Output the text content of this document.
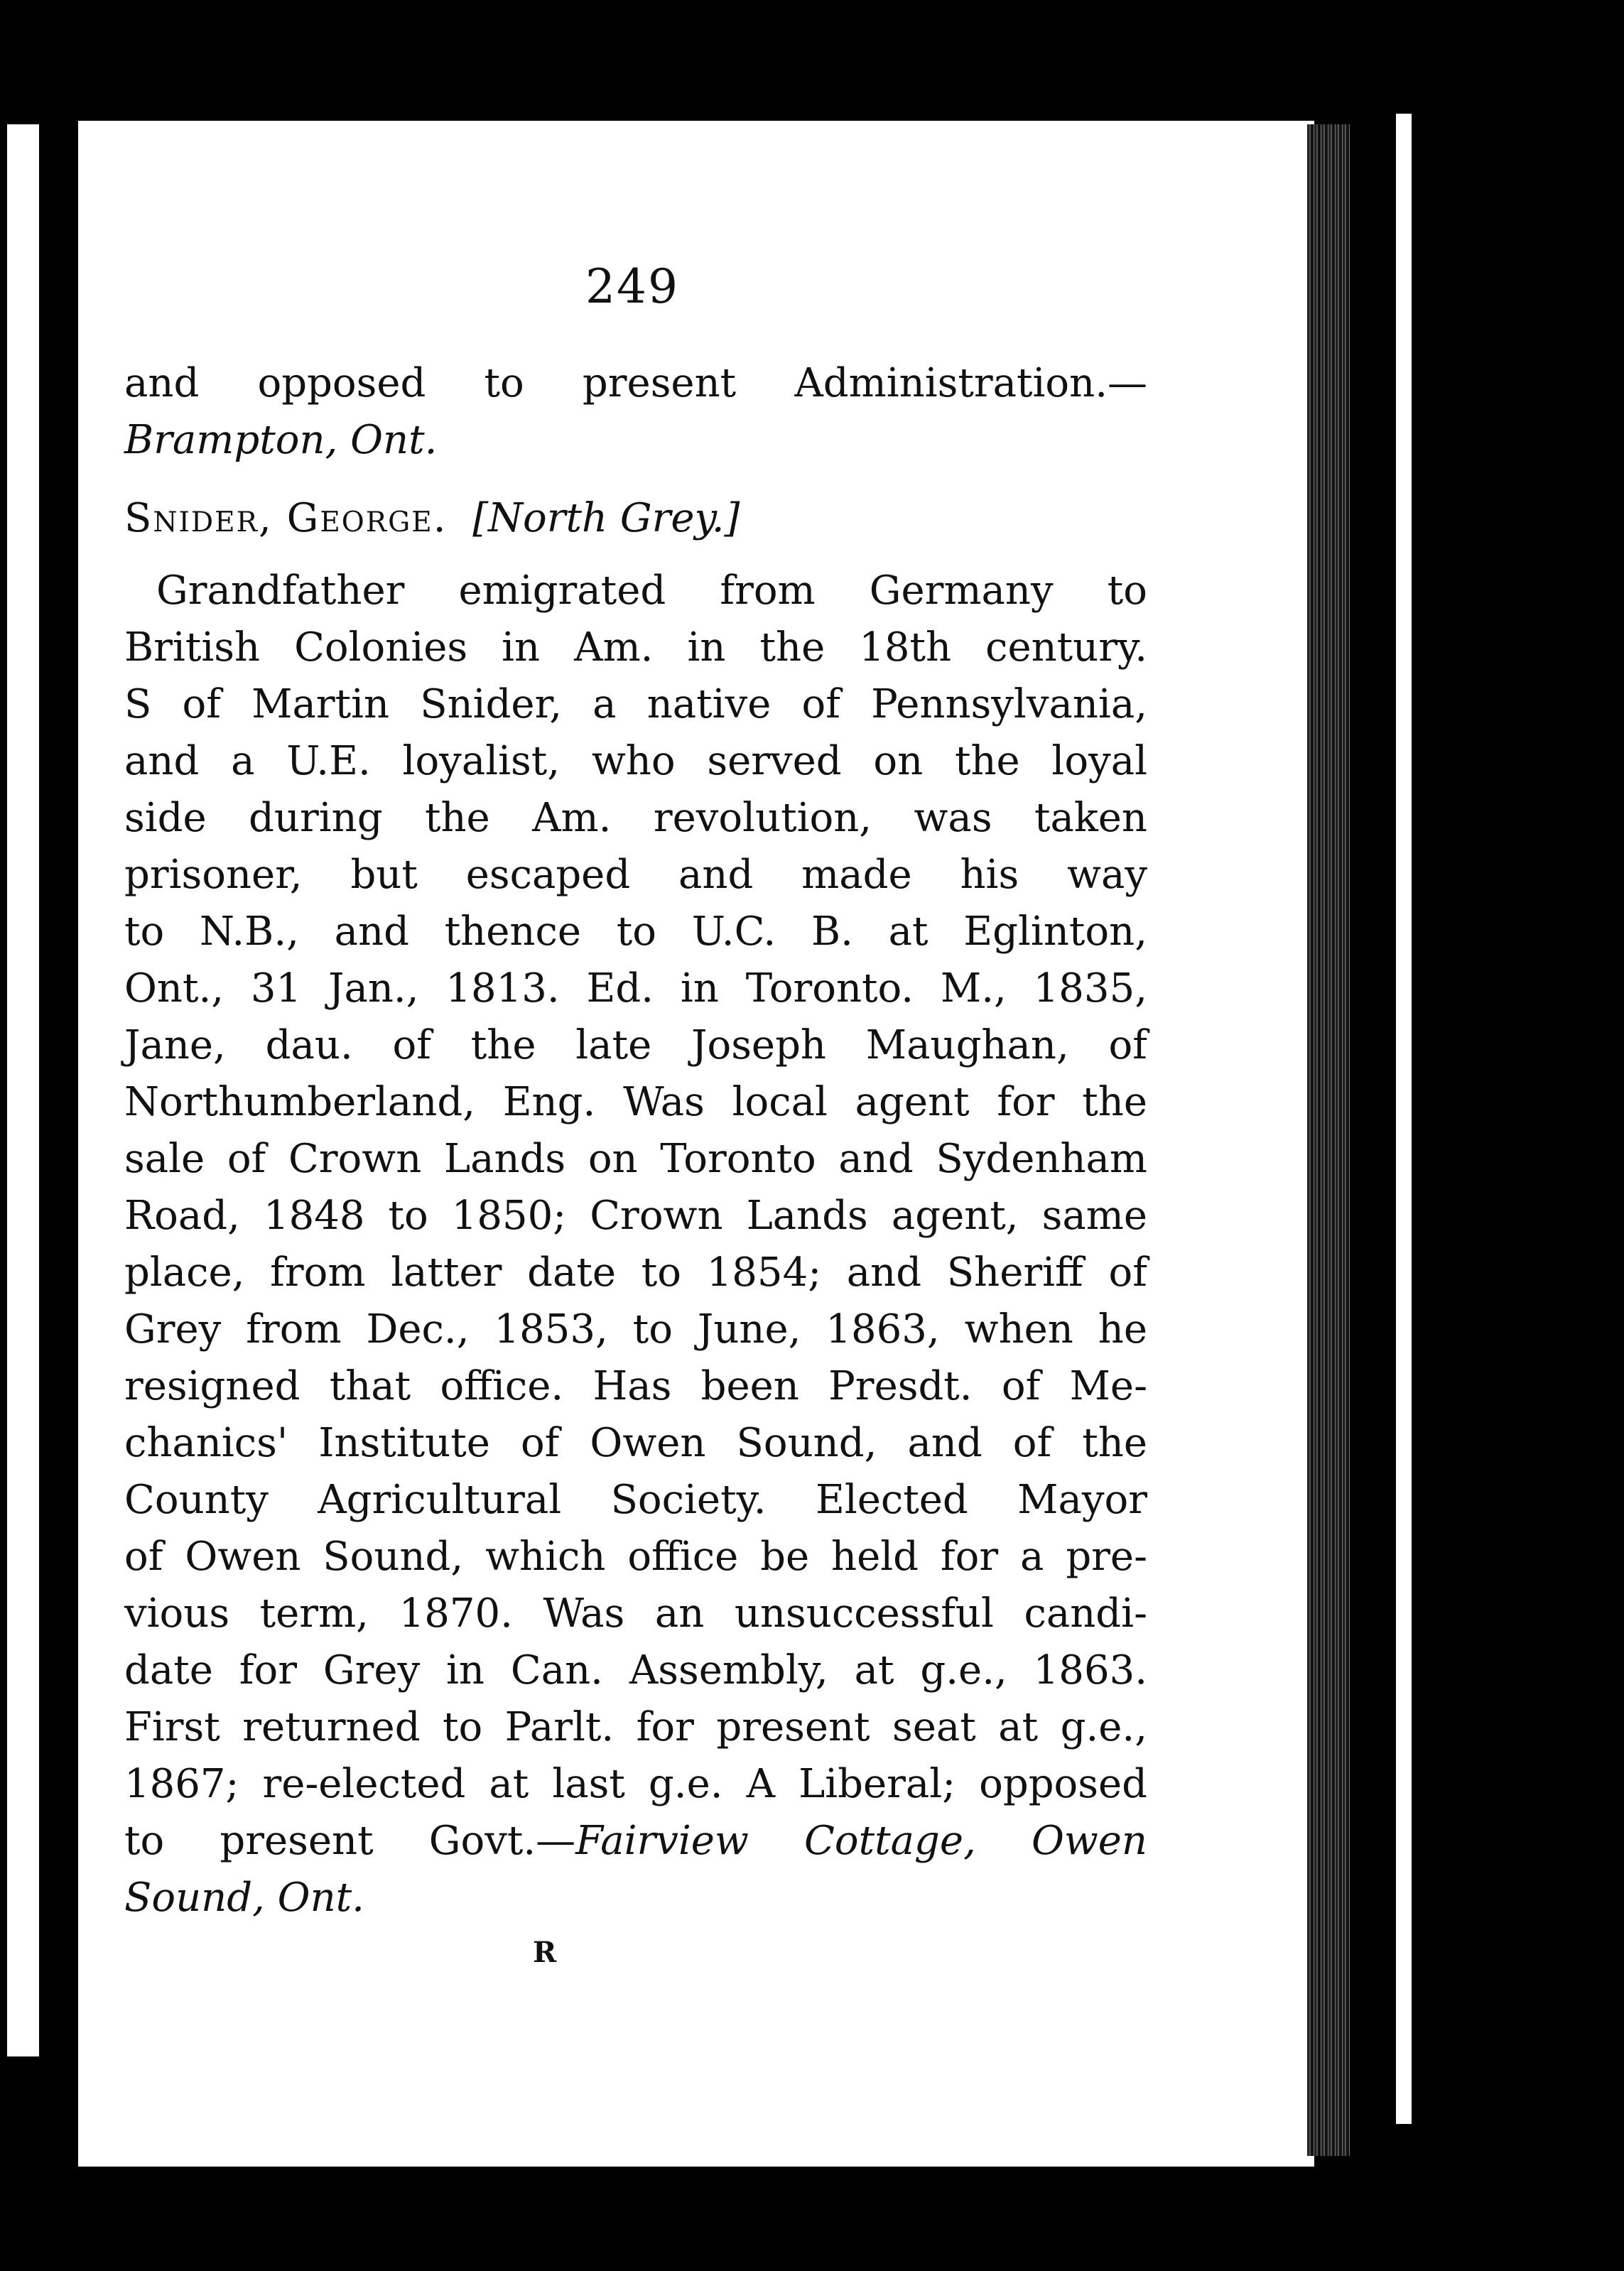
249
and opposed to present Administration.—
Brampton, Ont.
Snider, George. [North Grey.]
Grandfather emigrated from Germany to
British Colonies in Am. in the 18th century.
S of Martin Snider, a native of Pennsylvania,
and a U.E. loyalist, who served on the loyal
side during the Am. revolution, was taken
prisoner, but escaped and made his way
to N.B., and thence to U.C. B. at Eglinton,
Ont., 31 Jan., 1813. Ed. in Toronto. M., 1835,
Jane, dau. of the late Joseph Maughan, of
Northumberland, Eng. Was local agent for the
sale of Crown Lands on Toronto and Sydenham
Road, 1848 to 1850; Crown Lands agent, same
place, from latter date to 1854; and Sheriff of
Grey from Dec., 1853, to June, 1863, when he
resigned that office. Has been Presdt. of Me-
chanics' Institute of Owen Sound, and of the
County Agricultural Society. Elected Mayor
of Owen Sound, which office be held for a pre-
vious term, 1870. Was an unsuccessful candi-
date for Grey in Can. Assembly, at g.e., 1863.
First returned to Parlt. for present seat at g.e.,
1867; re-elected at last g.e. A Liberal; opposed
to present Govt.—Fairview Cottage, Owen
Sound, Ont.
R
